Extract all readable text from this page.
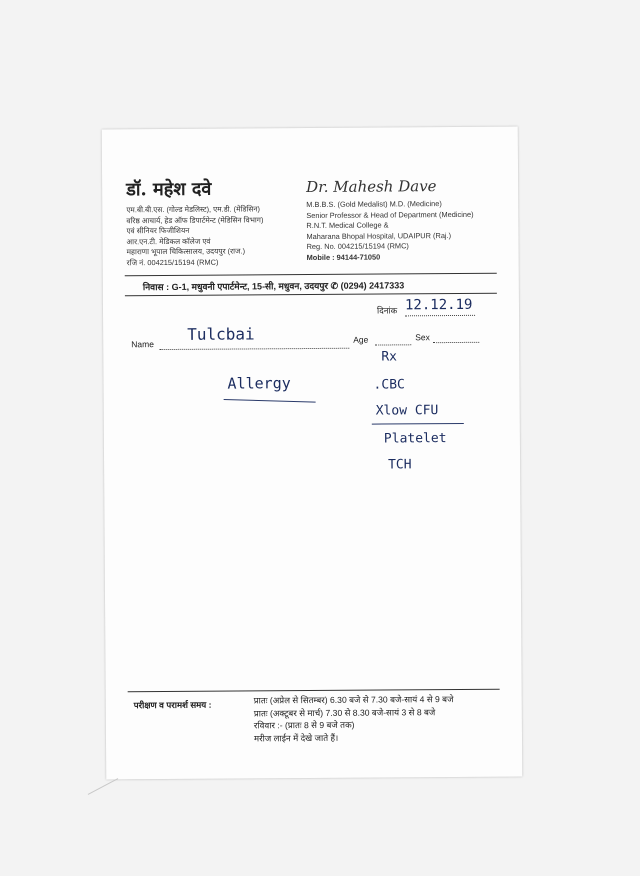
डॉ. महेश दवे
एम.बी.बी.एस. (गोल्ड मेडलिस्ट), एम.डी. (मेडिसिन)
वरिष्ठ आचार्य, हेड ऑफ डिपार्टमेन्ट (मेडिसिन विभाग)
एवं सीनियर फिजीशियन
आर.एन.टी. मेडिकल कॉलेज एवं
महाराणा भूपाल चिकित्सालय, उदयपुर (राज.)
रजि नं. 004215/15194 (RMC)
Dr. Mahesh Dave
M.B.B.S. (Gold Medalist) M.D. (Medicine)
Senior Professor & Head of Department (Medicine)
R.N.T. Medical College &
Maharana Bhopal Hospital, UDAIPUR (Raj.)
Reg. No. 004215/15194 (RMC)
Mobile : 94144-71050
निवास : G-1, मधुवनी एपार्टमेन्ट, 15-सी, मधुवन, उदयपुर ✆ (0294) 2417333
दिनांक 12.12.19
Name
Tulcbai	Age	Sex
Allergy
Rx
.CBC
Xlow CFU
Platelet
TCH
परीक्षण व परामर्श समय :	प्रातः (अप्रेल से सितम्बर) 6.30 बजे से 7.30 बजे-सायं 4 से 9 बजे
प्रातः (अक्टूबर से मार्च) 7.30 से 8.30 बजे-सायं 3 से 8 बजे
रविवार :- (प्रातः 8 से 9 बजे तक)
मरीज लाईन में देखे जाते हैं।
